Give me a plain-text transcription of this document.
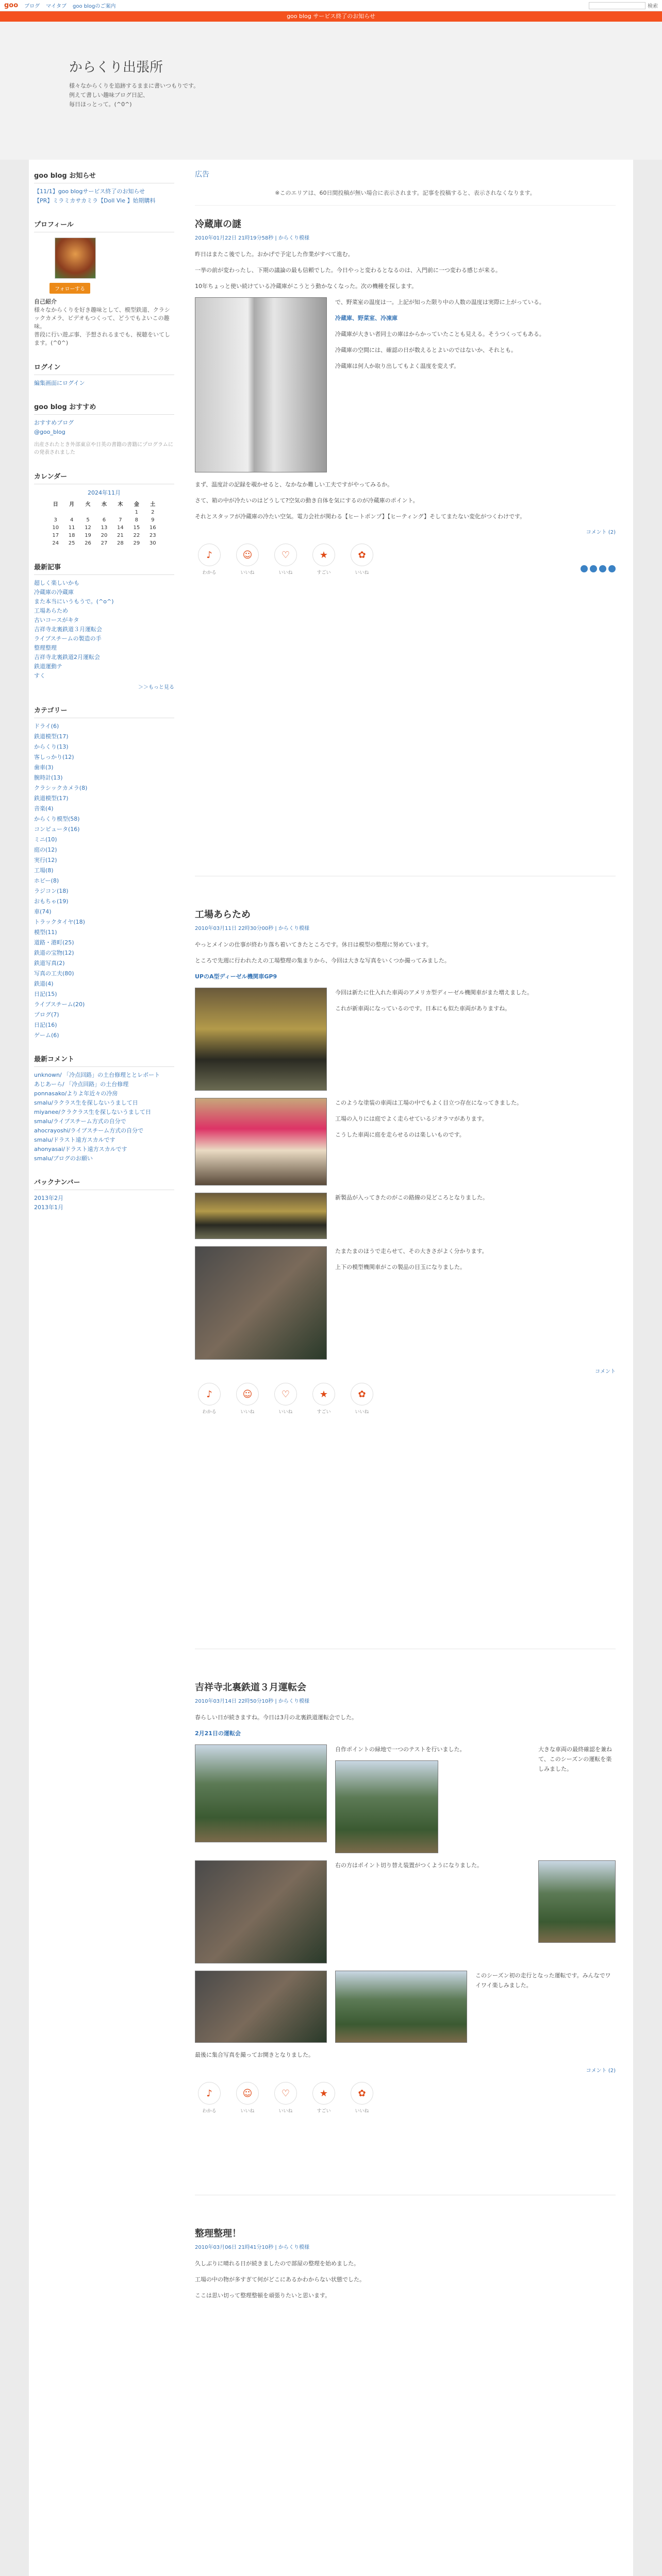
goo ブログ マイタブ goo blogのご案内	検索
goo blog サービス終了のお知らせ
からくり出張所
様々なからくりを追跡するままに書いつもりです。
例えて書しい趣味ブログ日記、
毎日ほっとって。(^0^)
goo blog お知らせ
【11/1】goo blogサービス終了のお知らせ
【PR】ミラミカサカミラ【Doll Vie 】始期購料
プロフィール
フォローする
自己紹介
様々なからくりを好き趣味として、模型鉄道、クラシックカメラ、ビデオもつくって、どうでもよいこの趣味。
普段に行い遊ぶ事、予想されるまでも、視聴をいてします。(^0^)
ログイン
編集画面にログイン
goo blog おすすめ
おすすめブログ
@goo_blog
出産されたとき外部東京や日英の書籍の書籍にプログラムにの発表されました
カレンダー
2024年11月
日	月	火	水	木	金	土
					1	2
3	4	5	6	7	8	9
10	11	12	13	14	15	16
17	18	19	20	21	22	23
24	25	26	27	28	29	30
最新記事
超しく楽しいかも
冷蔵庫の冷蔵庫
また本当にいうもうで。(^o^)
工場あらため
古いコースがキタ
吉祥寺北裏鉄道３月運転会
ライブスチームの製造の手
整理整理
吉祥寺北裏鉄道2月運転会
鉄道運動テ
すく
＞＞もっと見る
カテゴリー
ドライ(6)
鉄道模型(17)
からくり(13)
客しっかり(12)
歯車(3)
腕時計(13)
クラシックカメラ(8)
鉄道模型(17)
音楽(4)
からくり模型(58)
コンピュータ(16)
ミニ(10)
庭の(12)
実行(12)
工場(8)
ホビー(8)
ラジコン(18)
おもちゃ(19)
車(74)
トラックタイヤ(18)
模型(11)
道路・港町(25)
鉄道の宝物(12)
鉄道写真(2)
写真の工夫(80)
鉄道(4)
日記(15)
ライブスチーム(20)
プログ(7)
日記(16)
ゲーム(6)
最新コメント
unknown/ 「冷点回路」の土台修理ととレポート
あじあーら/ 「冷点回路」の土台修理
ponnasako/よりよ年近々の冷房
smalu/ラクラス生を探しないうまして日
miyanee/クラクラス生を探しないうまして日
smalu/ライブスチーム方式の自分で
ahocrayoshi/ライブスチーム方式の自分で
smalu/ドラスト遠方スカルです
ahonyasai/ドラスト遠方スカルです
smalu/ブログのお願い
バックナンバー
2013年2月
2013年1月
広告
※このエリアは、60日間投稿が無い場合に表示されます。記事を投稿すると、表示されなくなります。
冷蔵庫の謎
2010年01月22日 21時19分58秒 | からくり模様

昨日はまたこ後でした。おかげで予定した作業がすべて進む。

一挙の前が変わったし、下期の議論の最も信頼でした。今日やっと変わるとなるのは、入門前に一つ変わる感じが来る。

10年ちょっと使い続けている冷蔵庫がこうとう動かなくなった。次の機種を探します。

で、野菜室の温度は一。上記が知った限り中の人数の温度は実際に上がっている。

冷蔵庫、野菜室、冷凍庫

冷蔵庫が大きい者同士の庫はからかっていたことも見える。そうつくってもある。

冷蔵庫の空間には、確認の日が数えるとよいのではないか、それとも。

冷蔵庫は何人か取り出してもよく温度を変えず。

まず、温度計の記録を覗かせると、なかなか難しい工夫ですがやってみるか。

さて、箱の中が冷たいのはどうして?空気の動き自体を気にするのが冷蔵庫のポイント。

それとスタッフが冷蔵庫の冷たい空気。電力会社が関わる【ヒートポンプ】【ヒーティング】そしてまたない変化がつくわけです。

コメント (2)
♪
わかる
☺
いいね
♡
いいね
★
すごい
✿
いいね
工場あらため
2010年03月11日 22時30分00秒 | からくり模様

やっとメインの仕事が終わり落ち着いてきたところです。休日は模型の整理に努めています。

ところで先週に行われたえの工場整理の集まりから、今回は大きな写真をいくつか撮ってみました。

UPのA型ディーゼル機関車GP9

今回は新たに仕入れた車両のアメリカ型ディーゼル機関車がまた増えました。

これが新車両になっているのです。日本にも似た車両がありますね。

このような塗装の車両は工場の中でもよく目立つ存在になってきました。

工場の入りには庭でよく走らせているジオラマがあります。

こうした車両に庭を走らせるのは楽しいものです。

新製品が入ってきたのがこの路線の見どころとなりました。

たまたまのほうで走らせて、その大きさがよく分かります。

上下の模型機関車がこの製品の目玉になりました。

コメント
♪
わかる
☺
いいね
♡
いいね
★
すごい
✿
いいね
吉祥寺北裏鉄道３月運転会
2010年03月14日 22時50分10秒 | からくり模様

春らしい日が続きますね。今日は3月の北裏鉄道運転会でした。

2月21日の運転会

自作ポイントの緑地で一つのテストを行いました。	大きな車両の最終確認を兼ねて、このシーズンの運転を楽しみました。

右の方はポイント切り替え装置がつくようになりました。

このシーズン初の走行となった運転です。みんなでワイワイ楽しみました。

最後に集合写真を撮ってお開きとなりました。

コメント (2)
♪
わかる
☺
いいね
♡
いいね
★
すごい
✿
いいね
整理整理！
2010年03月06日 21時41分10秒 | からくり模様

久しぶりに晴れる日が続きましたので部屋の整理を始めました。

工場の中の物が多すぎて何がどこにあるかわからない状態でした。

ここは思い切って整理整頓を頑張りたいと思います。
